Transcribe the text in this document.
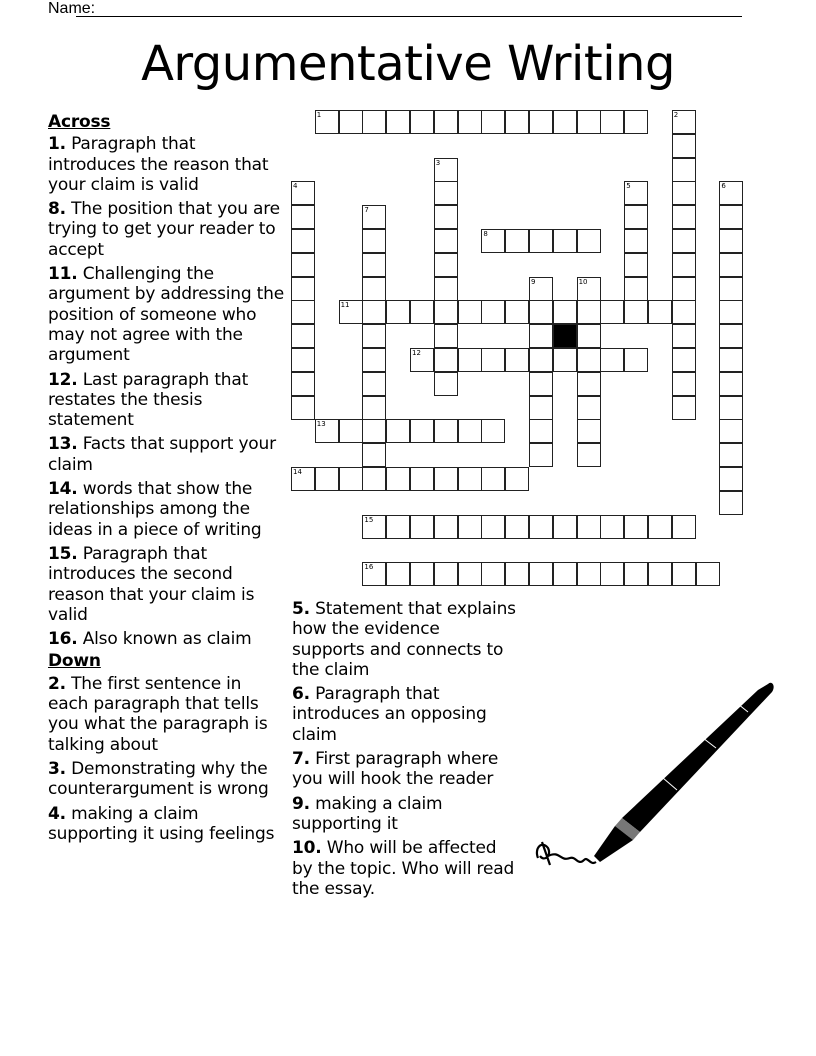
Name:
Argumentative Writing
1	2
3
4	5	6
7
8
9	10
11
12
13
14
15
16
Across
1. Paragraph that introduces the reason that your claim is valid
8. The position that you are trying to get your reader to accept
11. Challenging the argument by addressing the position of someone who may not agree with the argument
12. Last paragraph that restates the thesis statement
13. Facts that support your claim
14. words that show the relationships among the ideas in a piece of writing
15. Paragraph that introduces the second reason that your claim is valid
16. Also known as claim
Down
2. The first sentence in each paragraph that tells you what the paragraph is talking about
3. Demonstrating why the counterargument is wrong
4. making a claim supporting it using feelings
5. Statement that explains how the evidence supports and connects to the claim
6. Paragraph that introduces an opposing claim
7. First paragraph where you will hook the reader
9. making a claim supporting it
10. Who will be affected by the topic. Who will read the essay.
